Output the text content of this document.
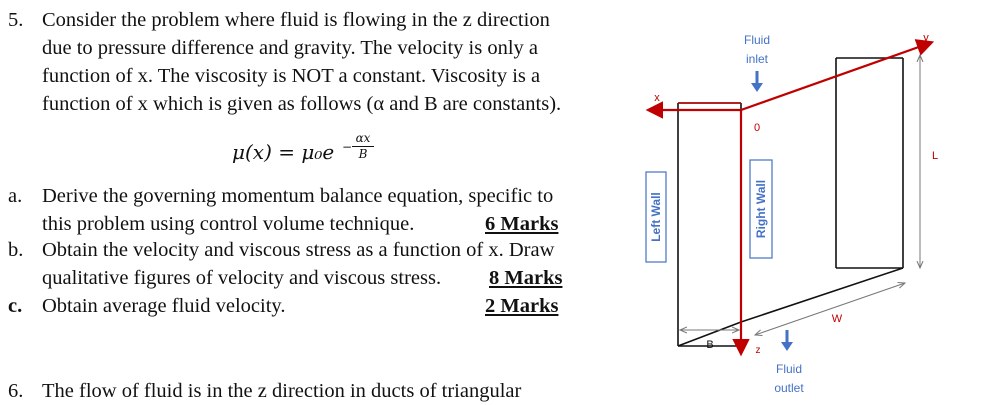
5. Consider the problem where fluid is flowing in the z direction
due to pressure difference and gravity. The velocity is only a
function of x. The viscosity is NOT a constant. Viscosity is a
function of x which is given as follows (α and B are constants).
μ(x) = μ₀e −
αx
B
a. Derive the governing momentum balance equation, specific to
this problem using control volume technique.	6 Marks
b. Obtain the velocity and viscous stress as a function of x. Draw
qualitative figures of velocity and viscous stress. 8 Marks
c. Obtain average fluid velocity.	2 Marks
6. The flow of fluid is in the z direction in ducts of triangular
Fluid
inlet
Fluid
outlet
x
y
z
0
L
W
B
Left Wall	Right Wall
